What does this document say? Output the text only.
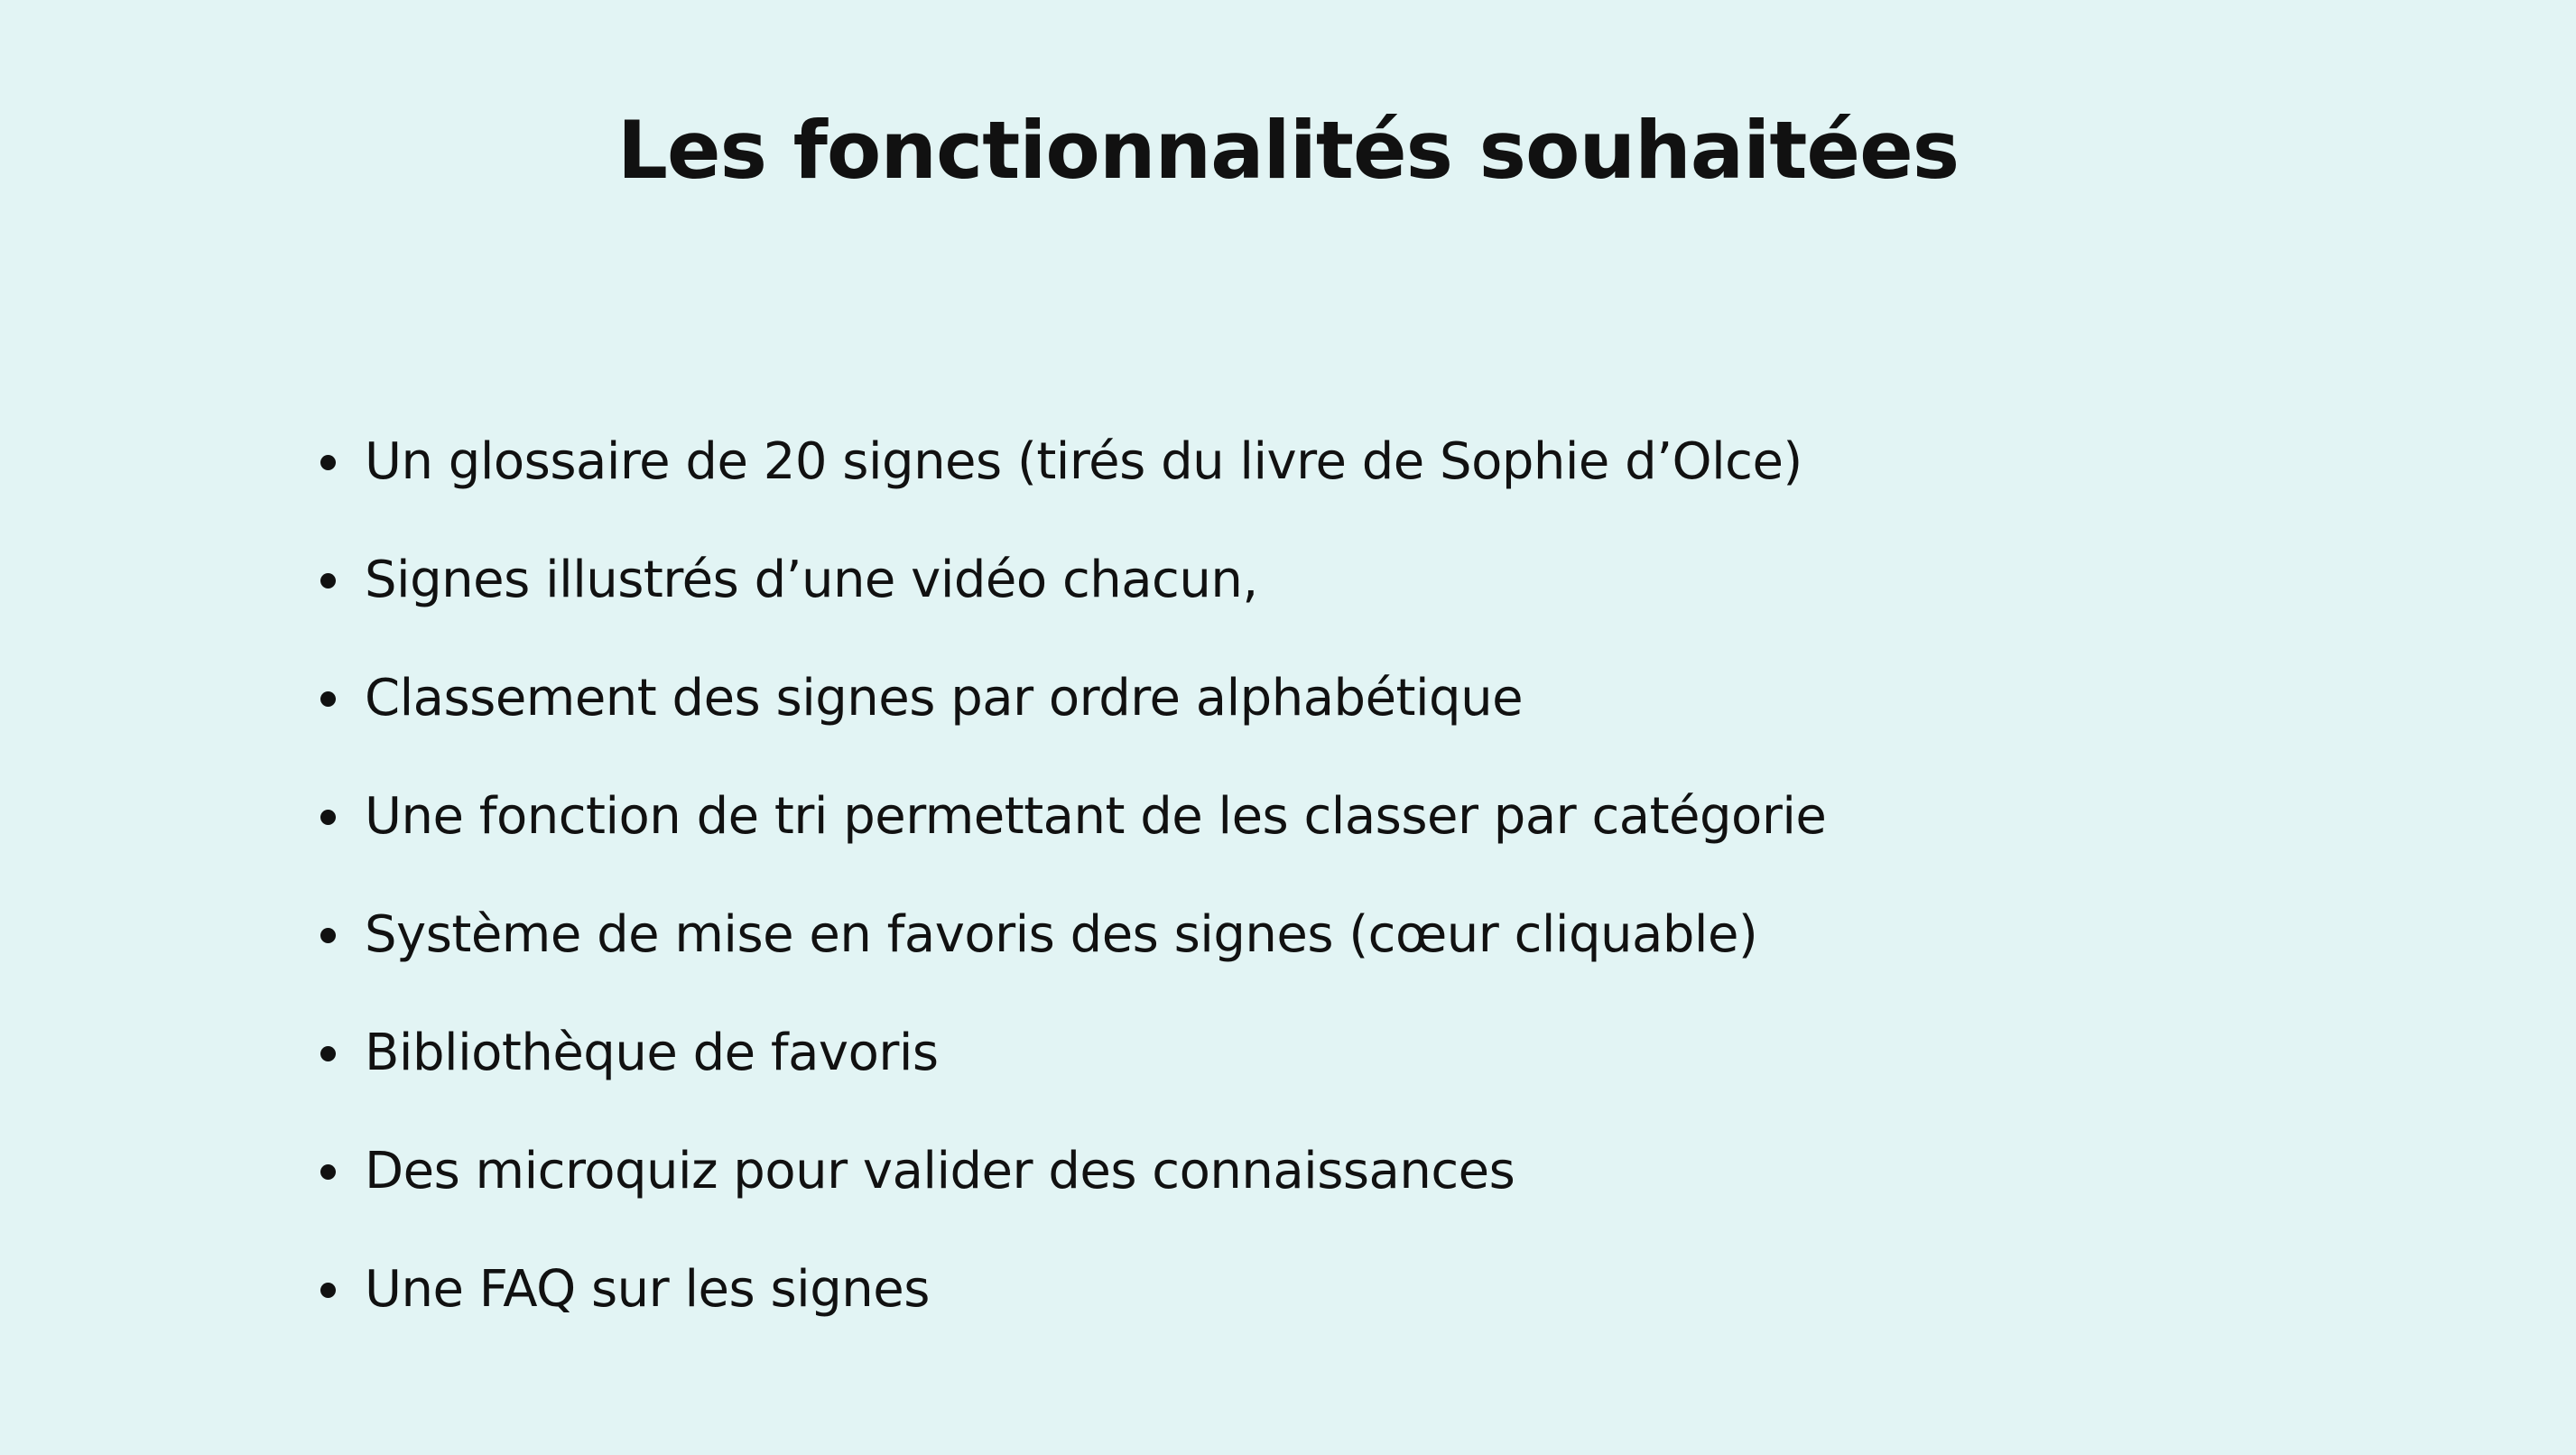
Les fonctionnalités souhaitées
Un glossaire de 20 signes (tirés du livre de Sophie d’Olce)
Signes illustrés d’une vidéo chacun,
Classement des signes par ordre alphabétique
Une fonction de tri permettant de les classer par catégorie
Système de mise en favoris des signes (cœur cliquable)
Bibliothèque de favoris
Des microquiz pour valider des connaissances
Une FAQ sur les signes
